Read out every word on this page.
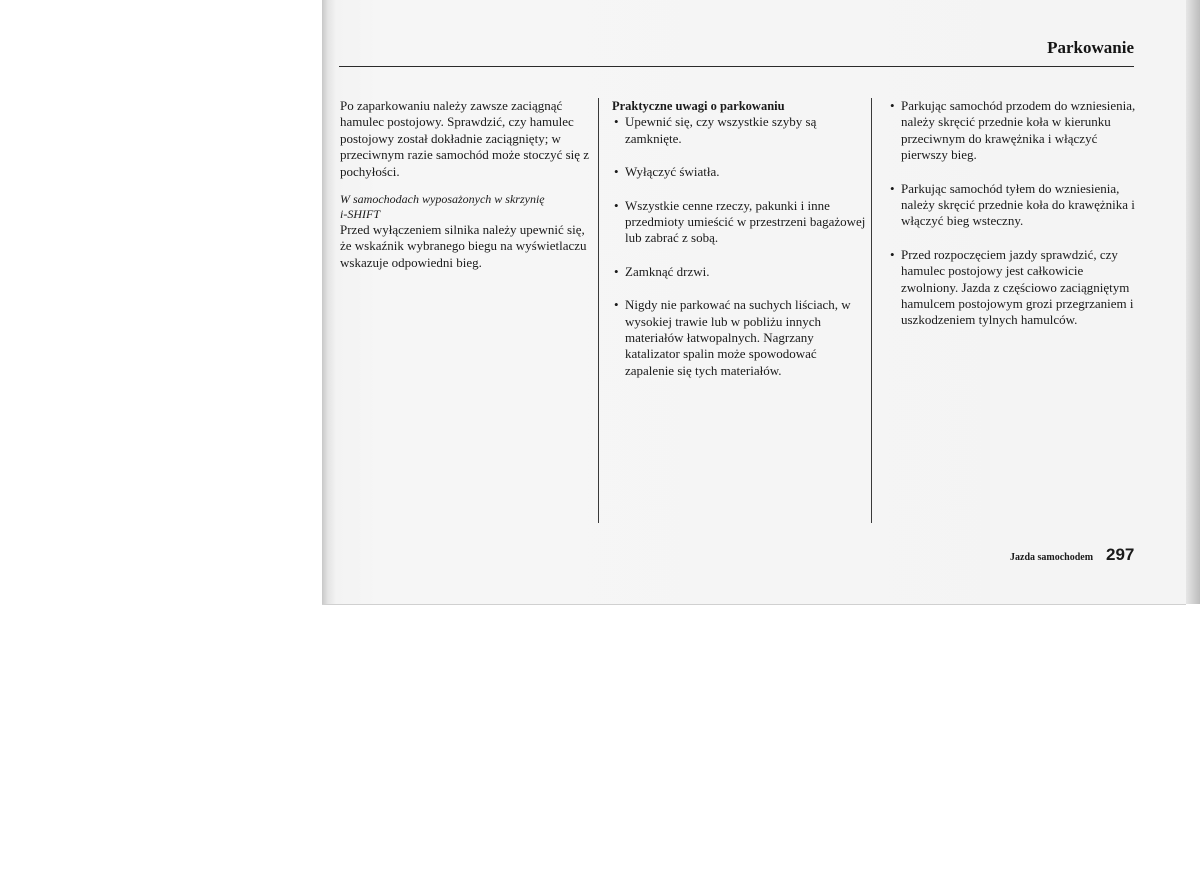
Parkowanie

Po zaparkowaniu należy zawsze zaciągnąć hamulec postojowy. Sprawdzić, czy hamulec postojowy został dokładnie zaciągnięty; w przeciwnym razie samochód może stoczyć się z pochyłości.

W samochodach wyposażonych w skrzynię
i-SHIFT

Przed wyłączeniem silnika należy upewnić się, że wskaźnik wybranego biegu na wyświetlaczu wskazuje odpowiedni bieg.

Praktyczne uwagi o parkowaniu
• Upewnić się, czy wszystkie szyby są zamknięte.
• Wyłączyć światła.
• Wszystkie cenne rzeczy, pakunki i inne przedmioty umieścić w przestrzeni bagażowej lub zabrać z sobą.
• Zamknąć drzwi.
• Nigdy nie parkować na suchych liściach, w wysokiej trawie lub w pobliżu innych materiałów łatwopalnych. Nagrzany katalizator spalin może spowodować zapalenie się tych materiałów.
• Parkując samochód przodem do wzniesienia, należy skręcić przednie koła w kierunku przeciwnym do krawężnika i włączyć pierwszy bieg.
• Parkując samochód tyłem do wzniesienia, należy skręcić przednie koła do krawężnika i włączyć bieg wsteczny.
• Przed rozpoczęciem jazdy sprawdzić, czy hamulec postojowy jest całkowicie zwolniony. Jazda z częściowo zaciągniętym hamulcem postojowym grozi przegrzaniem i uszkodzeniem tylnych hamulców.
Jazda samochodem 297
